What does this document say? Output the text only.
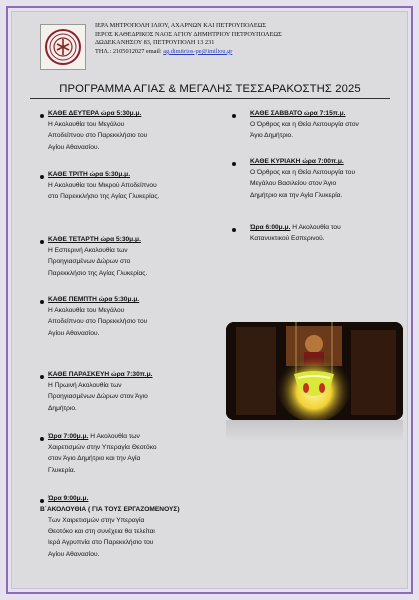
ΙΕΡΑ ΜΗΤΡΟΠΟΛΗ ΙΛΙΟΥ, ΑΧΑΡΝΩΝ ΚΑΙ ΠΕΤΡΟΥΠΟΛΕΩΣ
ΙΕΡΟΣ ΚΑΘΕΔΡΙΚΟΣ ΝΑΟΣ ΑΓΙΟΥ ΔΗΜΗΤΡΙΟΥ ΠΕΤΡΟΥΠΟΛΕΩΣ
ΔΩΔΕΚΑΝΗΣΟΥ 83, ΠΕΤΡΟΥΠΟΛΗ 13 231
ΤΗΛ.: 2105012027 email: ag.dimitrios-pe@imiliou.gr
ΠΡΟΓΡΑΜΜΑ ΑΓΙΑΣ & ΜΕΓΑΛΗΣ ΤΕΣΣΑΡΑΚΟΣΤΗΣ 2025
ΚΑΘΕ ΔΕΥΤΕΡΑ ώρα 5:30μ.μ.
Η Ακολουθία του Μεγάλου
Αποδείπνου στο Παρεκκλήσιο του
Αγίου Αθανασίου.
ΚΑΘΕ ΤΡΙΤΗ ώρα 5:30μ.μ.
Η Ακολουθία του Μικρού Αποδείπνου
στο Παρεκκλήσιο της Αγίας Γλυκερίας.
ΚΑΘΕ ΤΕΤΑΡΤΗ ώρα 5:30μ.μ.
Η Εσπερινή Ακολουθία των
Προηγιασμένων Δώρων στο
Παρεκκλήσιο της Αγίας Γλυκερίας.
ΚΑΘΕ ΠΕΜΠΤΗ ώρα 5:30μ.μ.
Η Ακολουθία του Μεγάλου
Αποδείπνου στο Παρεκκλήσιο του
Αγίου Αθανασίου.
ΚΑΘΕ ΠΑΡΑΣΚΕΥΗ ώρα 7:30π.μ.
Η Πρωινή Ακολουθία των
Προηγιασμένων Δώρων στον Άγιο
Δημήτριο.
Ώρα 7:00μ.μ. Η Ακολουθία των
Χαιρετισμών στην Υπεραγία Θεοτόκο
στον Άγιο Δημήτριο και την Αγία
Γλυκερία.
Ώρα 9:00μ.μ.
Β΄ΑΚΟΛΟΥΘΙΑ ( ΓΙΑ ΤΟΥΣ ΕΡΓΑΖΟΜΕΝΟΥΣ)
Των Χαιρετισμών στην Υπεραγία
Θεοτόκο και στη συνέχεια θα τελείται
Ιερά Αγρυπνία στο Παρεκκλήσιο του
Αγίου Αθανασίου.
ΚΑΘΕ ΣΑΒΒΑΤΟ ώρα 7:15π.μ.
Ο Όρθρος και η Θεία Λειτουργία στον
Άγιο Δημήτριο.
ΚΑΘΕ ΚΥΡΙΑΚΗ ώρα 7:00π.μ.
Ο Όρθρος και η Θεία Λειτουργία του
Μεγάλου Βασιλείου στον Άγιο
Δημήτριο και την Αγία Γλυκερία.
Ώρα 6:00μ.μ. Η Ακολουθία του
Κατανυκτικού Εσπερινού.
